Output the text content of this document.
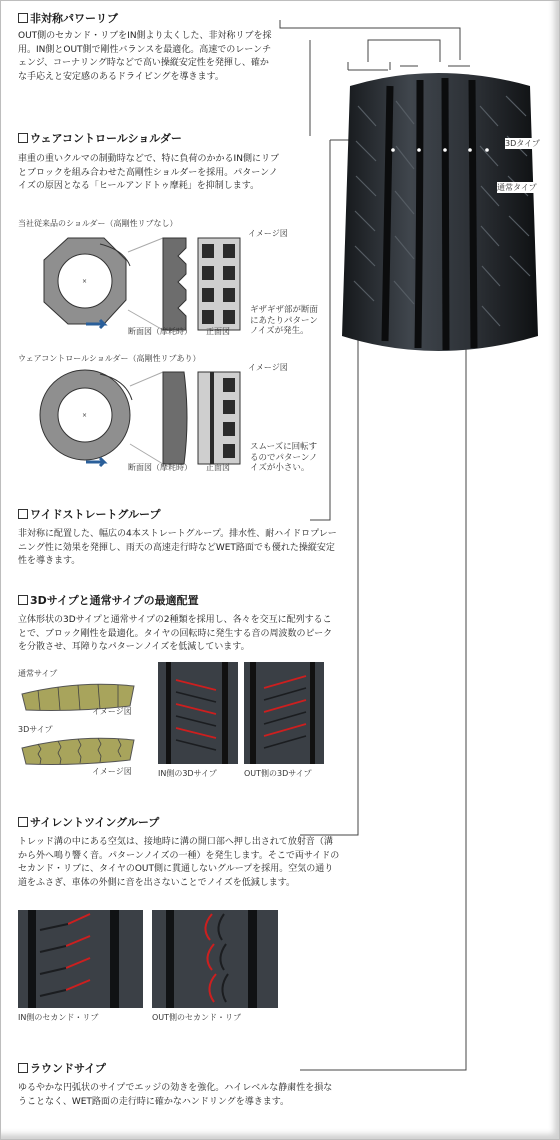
非対称パワーリブ
OUT側のセカンド・リブをIN側より太くした、非対称リブを採用。IN側とOUT側で剛性バランスを最適化。高速でのレーンチェンジ、コーナリング時などで高い操縦安定性を発揮し、確かな手応えと安定感のあるドライビングを導きます。
3Dタイプ
通常タイプ
ウェアコントロールショルダー
車重の重いクルマの制動時などで、特に負荷のかかるIN側にリブとブロックを組み合わせた高剛性ショルダーを採用。パターンノイズの原因となる「ヒールアンドトゥ摩耗」を抑制します。
当社従来品のショルダー（高剛性リブなし）
×
イメージ図
断面図（摩耗時） 正面図
ギザギザ部が断面にあたりパターンノイズが発生。
ウェアコントロールショルダー（高剛性リブあり）
×
イメージ図
断面図（摩耗時） 正面図
スムーズに回転するのでパターンノイズが小さい。
ワイドストレートグループ
非対称に配置した、幅広の4本ストレートグループ。排水性、耐ハイドロプレーニング性に効果を発揮し、雨天の高速走行時などWET路面でも優れた操縦安定性を導きます。
3Dサイプと通常サイプの最適配置
立体形状の3Dサイプと通常サイプの2種類を採用し、各々を交互に配列することで、ブロック剛性を最適化。タイヤの回転時に発生する音の周波数のピークを分散させ、耳障りなパターンノイズを低減しています。
通常サイプ
イメージ図
3Dサイプ
イメージ図	IN側の3Dサイプ	OUT側の3Dサイプ
サイレントツイングループ
トレッド溝の中にある空気は、接地時に溝の開口部へ押し出されて放射音（溝から外へ鳴り響く音。パターンノイズの一種）を発生します。そこで両サイドのセカンド・リブに、タイヤのOUT側に貫通しないグループを採用。空気の通り道をふさぎ、車体の外側に音を出さないことでノイズを低減します。
IN側のセカンド・リブ	OUT側のセカンド・リブ
ラウンドサイプ
ゆるやかな円弧状のサイプでエッジの効きを強化。ハイレベルな静粛性を損なうことなく、WET路面の走行時に確かなハンドリングを導きます。
